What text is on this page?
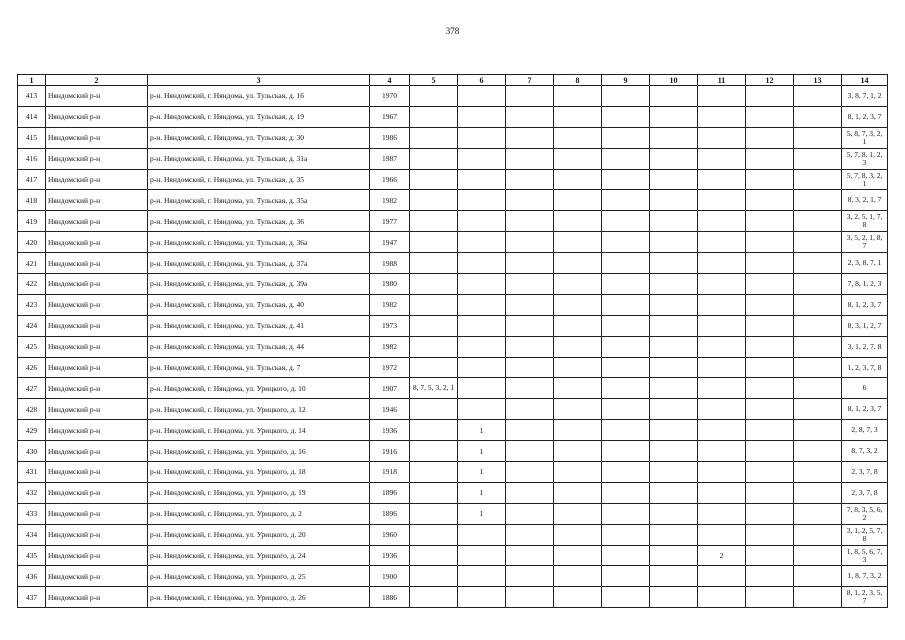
378
1	2	3	4	5	6	7	8	9	10	11	12	13	14
413	Няндомский р-н	р-н. Няндомский, г. Няндома, ул. Тульская, д. 16	1970										3, 8, 7, 1, 2
414	Няндомский р-н	р-н. Няндомский, г. Няндома, ул. Тульская, д. 19	1967										8, 1, 2, 3, 7
415	Няндомский р-н	р-н. Няндомский, г. Няндома, ул. Тульская, д. 30	1986										5, 8, 7, 3, 2, 1
416	Няндомский р-н	р-н. Няндомский, г. Няндома, ул. Тульская, д. 31а	1987										5, 7, 8, 1, 2, 3
417	Няндомский р-н	р-н. Няндомский, г. Няндома, ул. Тульская, д. 35	1966										5, 7, 8, 3, 2, 1
418	Няндомский р-н	р-н. Няндомский, г. Няндома, ул. Тульская, д. 35а	1982										8, 3, 2, 1, 7
419	Няндомский р-н	р-н. Няндомский, г. Няндома, ул. Тульская, д. 36	1977										3, 2, 5, 1, 7, 8
420	Няндомский р-н	р-н. Няндомский, г. Няндома, ул. Тульская, д. 36а	1947										3, 5, 2, 1, 8, 7
421	Няндомский р-н	р-н. Няндомский, г. Няндома, ул. Тульская, д. 37а	1988										2, 3, 8, 7, 1
422	Няндомский р-н	р-н. Няндомский, г. Няндома, ул. Тульская, д. 39а	1980										7, 8, 1, 2, 3
423	Няндомский р-н	р-н. Няндомский, г. Няндома, ул. Тульская, д. 40	1982										8, 1, 2, 3, 7
424	Няндомский р-н	р-н. Няндомский, г. Няндома, ул. Тульская, д. 41	1973										8, 3, 1, 2, 7
425	Няндомский р-н	р-н. Няндомский, г. Няндома, ул. Тульская, д. 44	1982										3, 1, 2, 7, 8
426	Няндомский р-н	р-н. Няндомский, г. Няндома, ул. Тульская, д. 7	1972										1, 2, 3, 7, 8
427	Няндомский р-н	р-н. Няндомский, г. Няндома, ул. Урицкого, д. 10	1907	8, 7, 5, 3, 2, 1									6
428	Няндомский р-н	р-н. Няндомский, г. Няндома, ул. Урицкого, д. 12	1946										8, 1, 2, 3, 7
429	Няндомский р-н	р-н. Няндомский, г. Няндома, ул. Урицкого, д. 14	1936		1								2, 8, 7, 3
430	Няндомский р-н	р-н. Няндомский, г. Няндома, ул. Урицкого, д. 16	1916		1								8, 7, 3, 2
431	Няндомский р-н	р-н. Няндомский, г. Няндома, ул. Урицкого, д. 18	1918		1								2, 3, 7, 8
432	Няндомский р-н	р-н. Няндомский, г. Няндома, ул. Урицкого, д. 19	1896		1								2, 3, 7, 8
433	Няндомский р-н	р-н. Няндомский, г. Няндома, ул. Урицкого, д. 2	1896		1								7, 8, 3, 5, 6, 2
434	Няндомский р-н	р-н. Няндомский, г. Няндома, ул. Урицкого, д. 20	1960										3, 1, 2, 5, 7, 8
435	Няндомский р-н	р-н. Няндомский, г. Няндома, ул. Урицкого, д. 24	1936							2			1, 8, 5, 6, 7, 3
436	Няндомский р-н	р-н. Няндомский, г. Няндома, ул. Урицкого, д. 25	1900										1, 8, 7, 3, 2
437	Няндомский р-н	р-н. Няндомский, г. Няндома, ул. Урицкого, д. 26	1886										8, 1, 2, 3, 5, 7
